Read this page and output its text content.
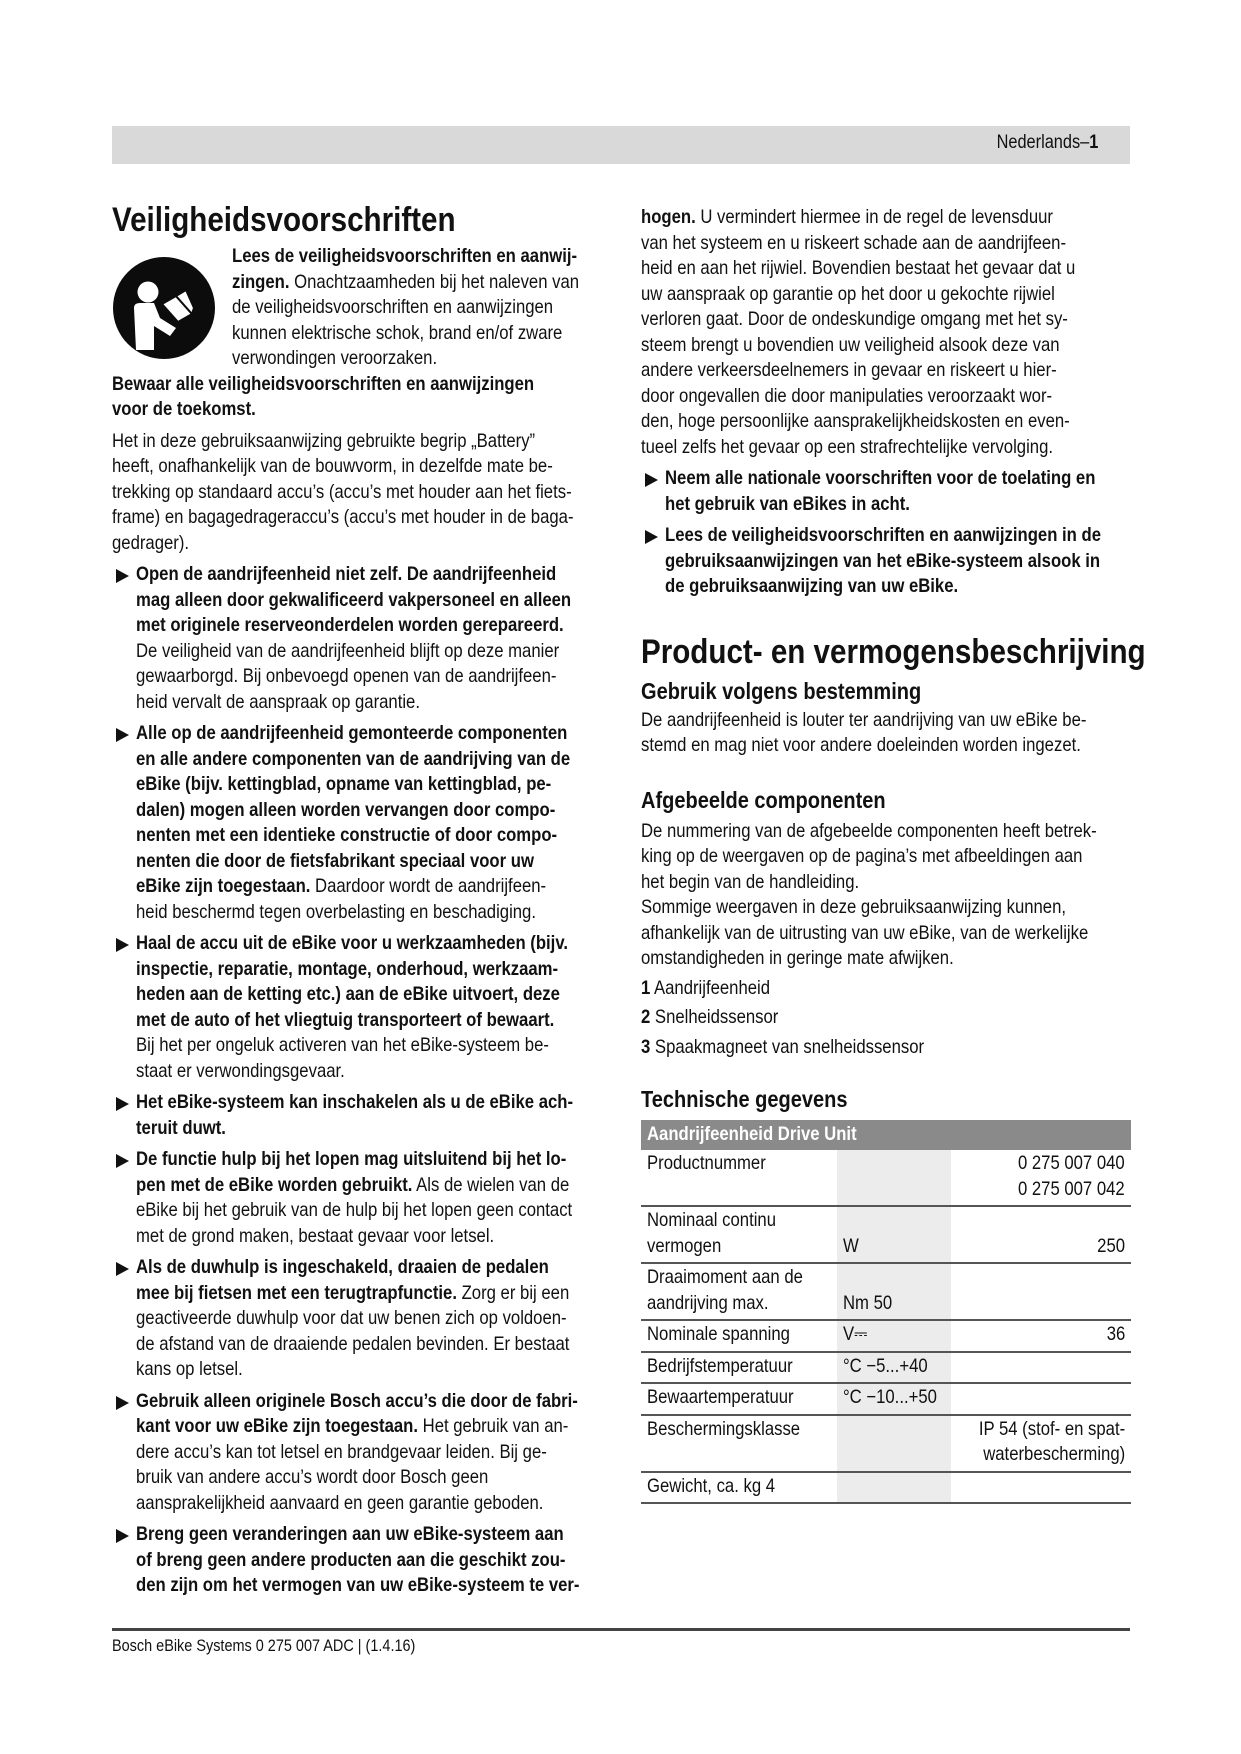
Nederlands–1
Veiligheidsvoorschriften
Lees de veiligheidsvoorschriften en aanwij-
zingen. Onachtzaamheden bij het naleven van
de veiligheidsvoorschriften en aanwijzingen
kunnen elektrische schok, brand en/of zware
verwondingen veroorzaken.
Bewaar alle veiligheidsvoorschriften en aanwijzingen
voor de toekomst.
Het in deze gebruiksaanwijzing gebruikte begrip „Battery”
heeft, onafhankelijk van de bouwvorm, in dezelfde mate be-
trekking op standaard accu’s (accu’s met houder aan het fiets-
frame) en bagagedrageraccu’s (accu’s met houder in de baga-
gedrager).
Open de aandrijfeenheid niet zelf. De aandrijfeenheid
mag alleen door gekwalificeerd vakpersoneel en alleen
met originele reserveonderdelen worden gerepareerd.
De veiligheid van de aandrijfeenheid blijft op deze manier
gewaarborgd. Bij onbevoegd openen van de aandrijfeen-
heid vervalt de aanspraak op garantie.
Alle op de aandrijfeenheid gemonteerde componenten
en alle andere componenten van de aandrijving van de
eBike (bijv. kettingblad, opname van kettingblad, pe-
dalen) mogen alleen worden vervangen door compo-
nenten met een identieke constructie of door compo-
nenten die door de fietsfabrikant speciaal voor uw
eBike zijn toegestaan. Daardoor wordt de aandrijfeen-
heid beschermd tegen overbelasting en beschadiging.
Haal de accu uit de eBike voor u werkzaamheden (bijv.
inspectie, reparatie, montage, onderhoud, werkzaam-
heden aan de ketting etc.) aan de eBike uitvoert, deze
met de auto of het vliegtuig transporteert of bewaart.
Bij het per ongeluk activeren van het eBike-systeem be-
staat er verwondingsgevaar.
Het eBike-systeem kan inschakelen als u de eBike ach-
teruit duwt.
De functie hulp bij het lopen mag uitsluitend bij het lo-
pen met de eBike worden gebruikt. Als de wielen van de
eBike bij het gebruik van de hulp bij het lopen geen contact
met de grond maken, bestaat gevaar voor letsel.
Als de duwhulp is ingeschakeld, draaien de pedalen
mee bij fietsen met een terugtrapfunctie. Zorg er bij een
geactiveerde duwhulp voor dat uw benen zich op voldoen-
de afstand van de draaiende pedalen bevinden. Er bestaat
kans op letsel.
Gebruik alleen originele Bosch accu’s die door de fabri-
kant voor uw eBike zijn toegestaan. Het gebruik van an-
dere accu’s kan tot letsel en brandgevaar leiden. Bij ge-
bruik van andere accu’s wordt door Bosch geen
aansprakelijkheid aanvaard en geen garantie geboden.
Breng geen veranderingen aan uw eBike-systeem aan
of breng geen andere producten aan die geschikt zou-
den zijn om het vermogen van uw eBike-systeem te ver-
hogen. U vermindert hiermee in de regel de levensduur
van het systeem en u riskeert schade aan de aandrijfeen-
heid en aan het rijwiel. Bovendien bestaat het gevaar dat u
uw aanspraak op garantie op het door u gekochte rijwiel
verloren gaat. Door de ondeskundige omgang met het sy-
steem brengt u bovendien uw veiligheid alsook deze van
andere verkeersdeelnemers in gevaar en riskeert u hier-
door ongevallen die door manipulaties veroorzaakt wor-
den, hoge persoonlijke aansprakelijkheidskosten en even-
tueel zelfs het gevaar op een strafrechtelijke vervolging.
Neem alle nationale voorschriften voor de toelating en
het gebruik van eBikes in acht.
Lees de veiligheidsvoorschriften en aanwijzingen in de
gebruiksaanwijzingen van het eBike-systeem alsook in
de gebruiksaanwijzing van uw eBike.
Product- en vermogensbeschrijving
Gebruik volgens bestemming
De aandrijfeenheid is louter ter aandrijving van uw eBike be-
stemd en mag niet voor andere doeleinden worden ingezet.
Afgebeelde componenten
De nummering van de afgebeelde componenten heeft betrek-
king op de weergaven op de pagina’s met afbeeldingen aan
het begin van de handleiding.
Sommige weergaven in deze gebruiksaanwijzing kunnen,
afhankelijk van de uitrusting van uw eBike, van de werkelijke
omstandigheden in geringe mate afwijken.
1 Aandrijfeenheid
2 Snelheidssensor
3 Spaakmagneet van snelheidssensor
Technische gegevens
Aandrijfeenheid Drive Unit		

Productnummer		0 275 007 040
0 275 007 042

Nominaal continu
vermogen	W	250

Draaimoment aan de
aandrijving max.	Nm 50	

Nominale spanning	V⎓	36

Bedrijfstemperatuur	°C −5...+40	

Bewaartemperatuur	°C −10...+50	

Beschermingsklasse		IP 54 (stof- en spat-
waterbescherming)

Gewicht, ca. kg 4		

Bosch eBike Systems 0 275 007 ADC | (1.4.16)
